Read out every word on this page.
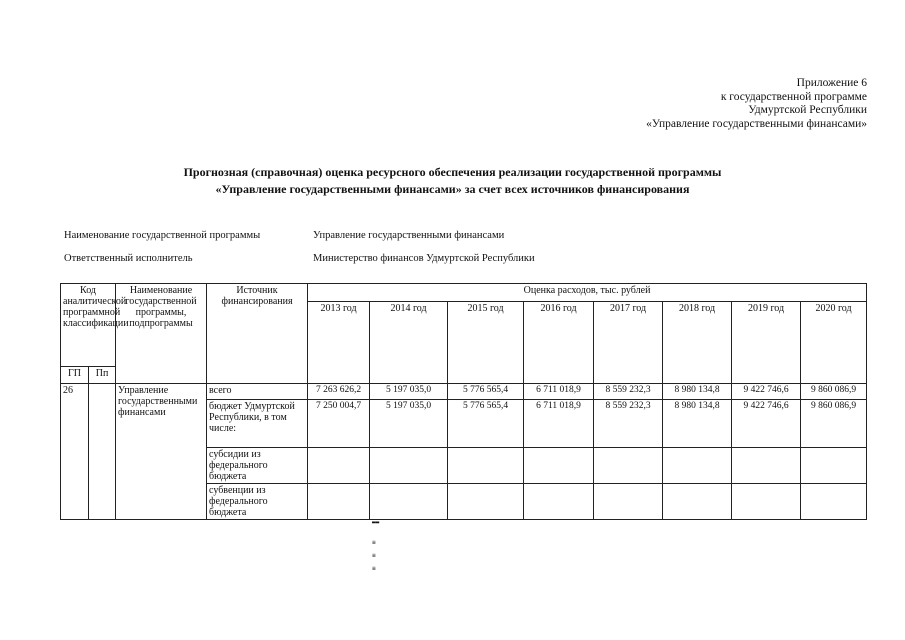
Приложение 6
к государственной программе
Удмуртской Республики
«Управление государственными финансами»
Прогнозная (справочная) оценка ресурсного обеспечения реализации государственной программы
«Управление государственными финансами» за счет всех источников финансирования
Наименование государственной программы	Управление государственными финансами
Ответственный исполнитель	Министерство финансов Удмуртской Республики
Код аналитической программной классификации		Наименование государственной программы, подпрограммы	Источник финансирования	Оценка расходов, тыс. рублей							
				2013 год	2014 год	2015 год	2016 год	2017 год	2018 год	2019 год	2020 год

ГП	Пп										
26		Управление государственными финансами	всего	7 263 626,2	5 197 035,0	5 776 565,4	6 711 018,9	8 559 232,3	8 980 134,8	9 422 746,6	9 860 086,9
			бюджет Удмуртской Республики, в том числе:	7 250 004,7	5 197 035,0	5 776 565,4	6 711 018,9	8 559 232,3	8 980 134,8	9 422 746,6	9 860 086,9
			субсидии из федерального бюджета								
			субвенции из федерального бюджета								
▬▬
≡
≡
≡
